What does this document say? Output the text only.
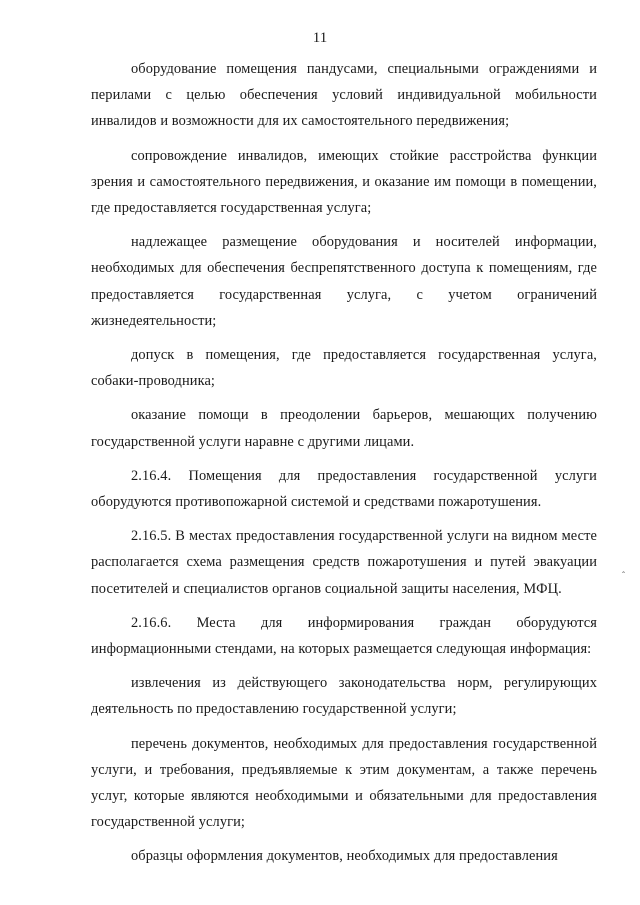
11

оборудование помещения пандусами, специальными ограждениями и перилами с целью обеспечения условий индивидуальной мобильности инвалидов и возможности для их самостоятельного передвижения;

сопровождение инвалидов, имеющих стойкие расстройства функции зрения и самостоятельного передвижения, и оказание им помощи в помещении, где предоставляется государственная услуга;

надлежащее размещение оборудования и носителей информации, необходимых для обеспечения беспрепятственного доступа к помещениям, где предоставляется государственная услуга, с учетом ограничений жизнедеятельности;

допуск в помещения, где предоставляется государственная услуга, собаки-проводника;

оказание помощи в преодолении барьеров, мешающих получению государственной услуги наравне с другими лицами.

2.16.4. Помещения для предоставления государственной услуги оборудуются противопожарной системой и средствами пожаротушения.

2.16.5. В местах предоставления государственной услуги на видном месте располагается схема размещения средств пожаротушения и путей эвакуации посетителей и специалистов органов социальной защиты населения, МФЦ.

2.16.6. Места для информирования граждан оборудуются информационными стендами, на которых размещается следующая информация:

извлечения из действующего законодательства норм, регулирующих деятельность по предоставлению государственной услуги;

перечень документов, необходимых для предоставления государственной услуги, и требования, предъявляемые к этим документам, а также перечень услуг, которые являются необходимыми и обязательными для предоставления государственной услуги;

образцы оформления документов, необходимых для предоставления

ˆ
